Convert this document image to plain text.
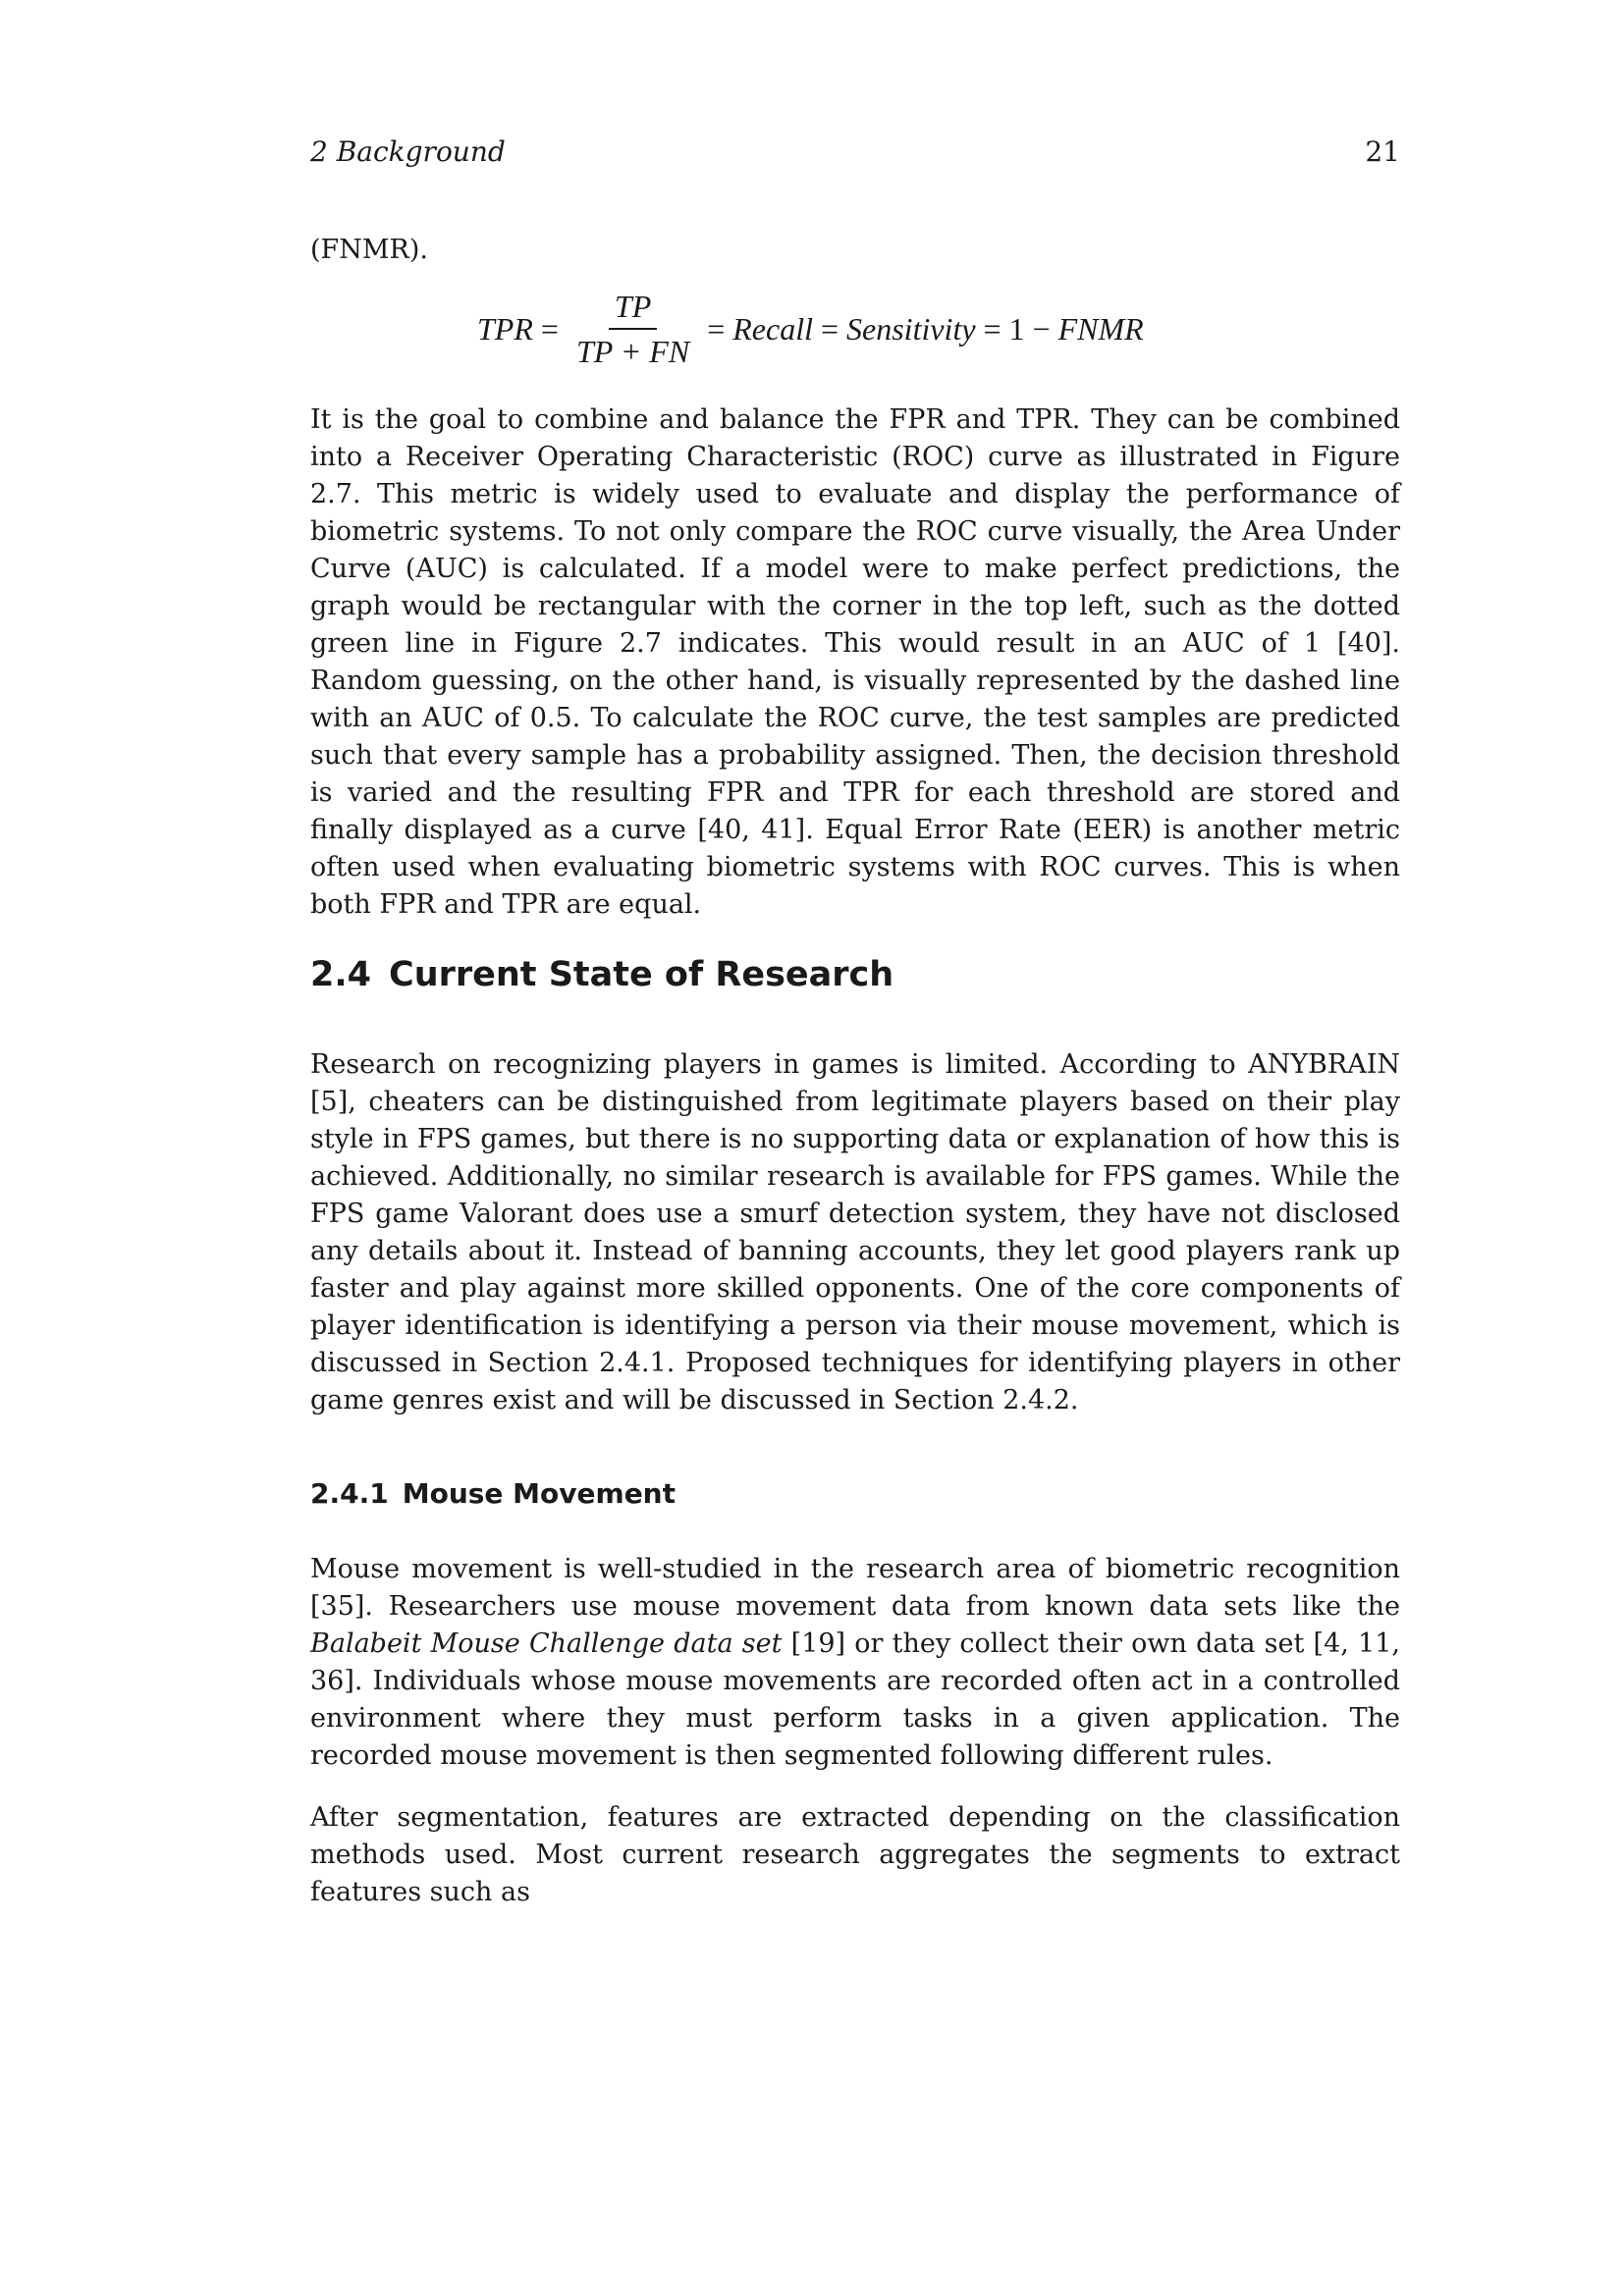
2 Background	21
(FNMR).
TPR = $\frac{TP}{TP + FN}$ = Recall = Sensitivity = 1 − FNMR
It is the goal to combine and balance the FPR and TPR. They can be combined into a Receiver Operating Characteristic (ROC) curve as illustrated in Figure 2.7. This metric is widely used to evaluate and display the performance of biometric systems. To not only compare the ROC curve visually, the Area Under Curve (AUC) is calculated. If a model were to make perfect predictions, the graph would be rectangular with the corner in the top left, such as the dotted green line in Figure 2.7 indicates. This would result in an AUC of 1 [40]. Random guessing, on the other hand, is visually represented by the dashed line with an AUC of 0.5. To calculate the ROC curve, the test samples are predicted such that every sample has a probability assigned. Then, the decision threshold is varied and the resulting FPR and TPR for each threshold are stored and finally displayed as a curve [40, 41]. Equal Error Rate (EER) is another metric often used when evaluating biometric systems with ROC curves. This is when both FPR and TPR are equal.
2.4 Current State of Research
Research on recognizing players in games is limited. According to ANYBRAIN [5], cheaters can be distinguished from legitimate players based on their play style in FPS games, but there is no supporting data or explanation of how this is achieved. Additionally, no similar research is available for FPS games. While the FPS game Valorant does use a smurf detection system, they have not disclosed any details about it. Instead of banning accounts, they let good players rank up faster and play against more skilled opponents. One of the core components of player identification is identifying a person via their mouse movement, which is discussed in Section 2.4.1. Proposed techniques for identifying players in other game genres exist and will be discussed in Section 2.4.2.
2.4.1 Mouse Movement
Mouse movement is well-studied in the research area of biometric recognition [35]. Researchers use mouse movement data from known data sets like the Balabeit Mouse Challenge data set [19] or they collect their own data set [4, 11, 36]. Individuals whose mouse movements are recorded often act in a controlled environment where they must perform tasks in a given application. The recorded mouse movement is then segmented following different rules.
After segmentation, features are extracted depending on the classification methods used. Most current research aggregates the segments to extract features such as
